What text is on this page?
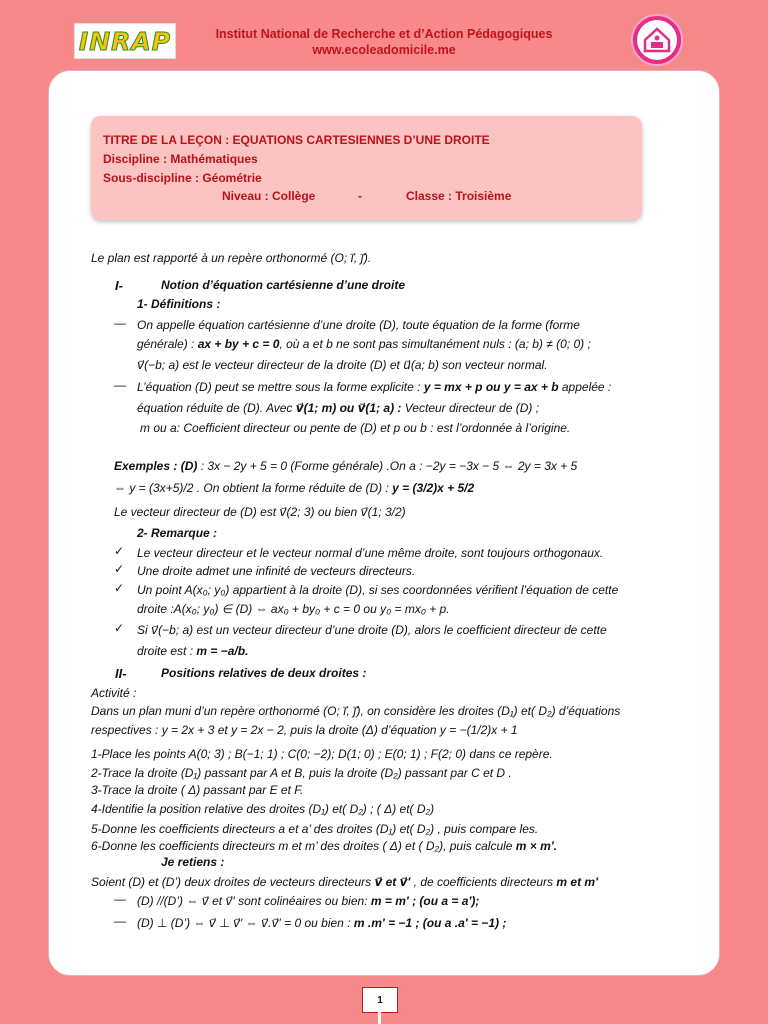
INRAP	Institut National de Recherche et d’Action Pédagogiques
www.ecoleadomicile.me
TITRE DE LA LEÇON : EQUATIONS CARTESIENNES D’UNE DROITE
Discipline : Mathématiques
Sous-discipline : Géométrie
Niveau : Collège	-	Classe : Troisième
Le plan est rapporté à un repère orthonormé (O; i⃗, j⃗).
I-	Notion d’équation cartésienne d’une droite
1- Définitions :
— On appelle équation cartésienne d’une droite (D), toute équation de la forme (forme
générale) : ax + by + c = 0, où a et b ne sont pas simultanément nuls : (a; b) ≠ (0; 0) ;
v⃗(−b; a) est le vecteur directeur de la droite (D) et u⃗(a; b) son vecteur normal.
— L’équation (D) peut se mettre sous la forme explicite : y = mx + p ou y = ax + b appelée :
équation réduite de (D). Avec v⃗(1; m) ou v⃗(1; a) : Vecteur directeur de (D) ;
m ou a: Coefficient directeur ou pente de (D) et p ou b : est l’ordonnée à l’origine.
Exemples : (D) : 3x − 2y + 5 = 0 (Forme générale) .On a : −2y = −3x − 5 ⇔ 2y = 3x + 5
⇔ y = (3x+5)/2 . On obtient la forme réduite de (D) : y = (3/2)x + 5/2
Le vecteur directeur de (D) est v⃗(2; 3) ou bien v⃗(1; 3/2)
2- Remarque :
✓ Le vecteur directeur et le vecteur normal d’une même droite, sont toujours orthogonaux.
✓ Une droite admet une infinité de vecteurs directeurs.
✓ Un point A(x₀; y₀) appartient à la droite (D), si ses coordonnées vérifient l’équation de cette
droite :A(x₀; y₀) ∈ (D) ⇔ ax₀ + by₀ + c = 0 ou y₀ = mx₀ + p.
✓ Si v⃗(−b; a) est un vecteur directeur d’une droite (D), alors le coefficient directeur de cette
droite est : m = −a/b.
II-	Positions relatives de deux droites :
Activité :
Dans un plan muni d’un repère orthonormé (O; i⃗, j⃗), on considère les droites (D₁) et( D₂) d’équations
respectives : y = 2x + 3 et y = 2x − 2, puis la droite (Δ) d’équation y = −(1/2)x + 1
1-Place les points A(0; 3) ; B(−1; 1) ; C(0; −2); D(1; 0) ; E(0; 1) ; F(2; 0) dans ce repère.
2-Trace la droite (D₁) passant par A et B, puis la droite (D₂) passant par C et D .
3-Trace la droite ( Δ) passant par E et F.
4-Identifie la position relative des droites (D₁) et( D₂) ; ( Δ) et( D₂)
5-Donne les coefficients directeurs a et a’ des droites (D₁) et( D₂) , puis compare les.
6-Donne les coefficients directeurs m et m’ des droites ( Δ) et ( D₂), puis calcule m × m′.
Je retiens :
Soient (D) et (D’) deux droites de vecteurs directeurs v⃗ et v⃗′ , de coefficients directeurs m et m′
— (D) //(D’) ⇔ v⃗ et v⃗′ sont colinéaires ou bien: m = m′ ; (ou a = a′);
— (D) ⊥ (D’) ⇔ v⃗ ⊥ v⃗′ ⇔ v⃗.v⃗′ = 0 ou bien : m .m′ = −1 ; (ou a .a′ = −1) ;
1
